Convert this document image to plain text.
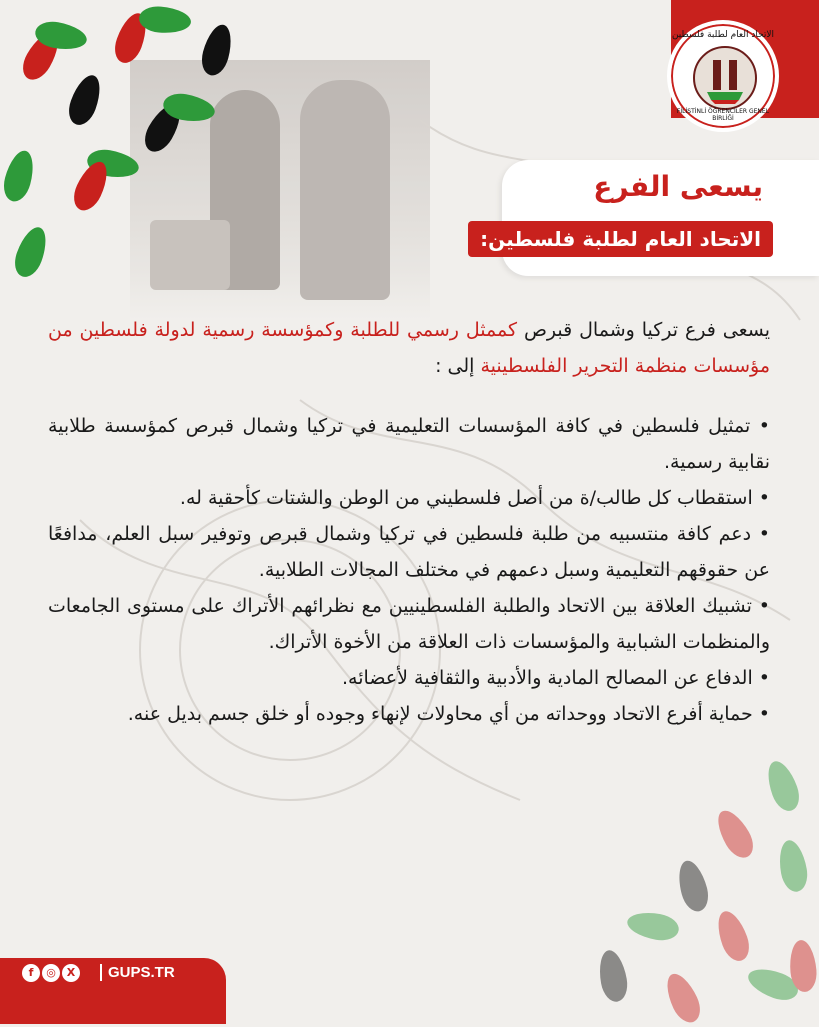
الاتحاد العام لطلبة فلسطين
FİLİSTİNLİ ÖĞRENCİLER GENEL BİRLİĞİ
يسعى الفرع
الاتحاد العام لطلبة فلسطين:
يسعى فرع تركيا وشمال قبرص كممثل رسمي للطلبة وكمؤسسة رسمية لدولة فلسطين من مؤسسات منظمة التحرير الفلسطينية إلى :
• تمثيل فلسطين في كافة المؤسسات التعليمية في تركيا وشمال قبرص كمؤسسة طلابية نقابية رسمية.
• استقطاب كل طالب/ة من أصل فلسطيني من الوطن والشتات كأحقية له.
• دعم كافة منتسبيه من طلبة فلسطين في تركيا وشمال قبرص وتوفير سبل العلم، مدافعًا عن حقوقهم التعليمية وسبل دعمهم في مختلف المجالات الطلابية.
• تشبيك العلاقة بين الاتحاد والطلبة الفلسطينيين مع نظرائهم الأتراك على مستوى الجامعات والمنظمات الشبابية والمؤسسات ذات العلاقة من الأخوة الأتراك.
• الدفاع عن المصالح المادية والأدبية والثقافية لأعضائه.
• حماية أفرع الاتحاد ووحداته من أي محاولات لإنهاء وجوده أو خلق جسم بديل عنه.
f	◎ X	GUPS.TR
